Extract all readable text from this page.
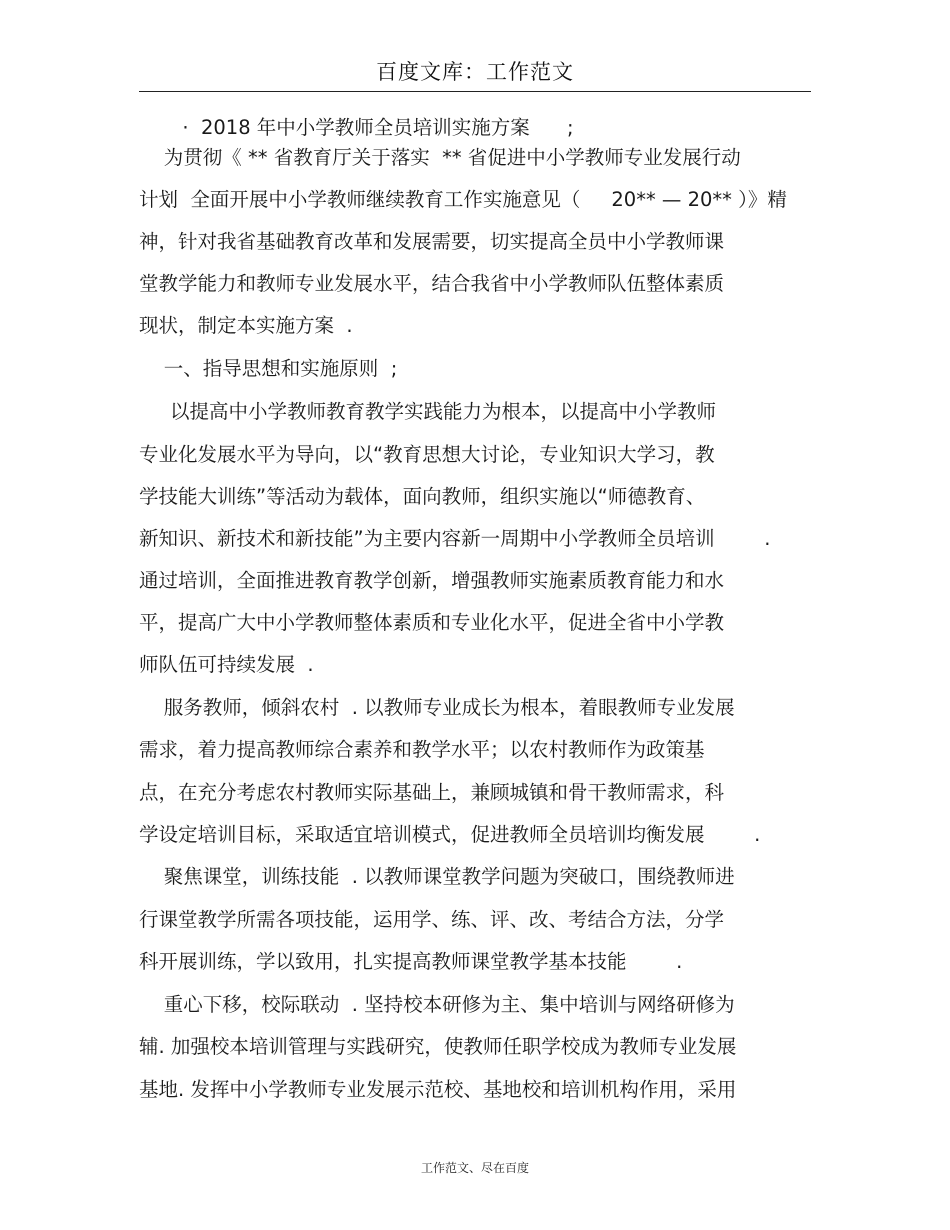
百度文库：工作范文
·  2018 年中小学教师全员培训实施方案      ;
为贯彻《 ** 省教育厅关于落实  ** 省促进中小学教师专业发展行动
计划  全面开展中小学教师继续教育工作实施意见（     20** — 20** ）》精
神，针对我省基础教育改革和发展需要，切实提高全员中小学教师课
堂教学能力和教师专业发展水平，结合我省中小学教师队伍整体素质
现状，制定本实施方案  .
一、指导思想和实施原则  ;
以提高中小学教师教育教学实践能力为根本，以提高中小学教师
专业化发展水平为导向，以“教育思想大讨论，专业知识大学习，教
学技能大训练”等活动为载体，面向教师，组织实施以“师德教育、
新知识、新技术和新技能”为主要内容新一周期中小学教师全员培训        .
通过培训，全面推进教育教学创新，增强教师实施素质教育能力和水
平，提高广大中小学教师整体素质和专业化水平，促进全省中小学教
师队伍可持续发展  .
服务教师，倾斜农村  . 以教师专业成长为根本，着眼教师专业发展
需求，着力提高教师综合素养和教学水平；以农村教师作为政策基
点，在充分考虑农村教师实际基础上，兼顾城镇和骨干教师需求，科
学设定培训目标，采取适宜培训模式，促进教师全员培训均衡发展        .
聚焦课堂，训练技能  . 以教师课堂教学问题为突破口，围绕教师进
行课堂教学所需各项技能，运用学、练、评、改、考结合方法，分学
科开展训练，学以致用，扎实提高教师课堂教学基本技能        .
重心下移，校际联动  . 坚持校本研修为主、集中培训与网络研修为
辅. 加强校本培训管理与实践研究，使教师任职学校成为教师专业发展
基地. 发挥中小学教师专业发展示范校、基地校和培训机构作用，采用
工作范文、尽在百度
